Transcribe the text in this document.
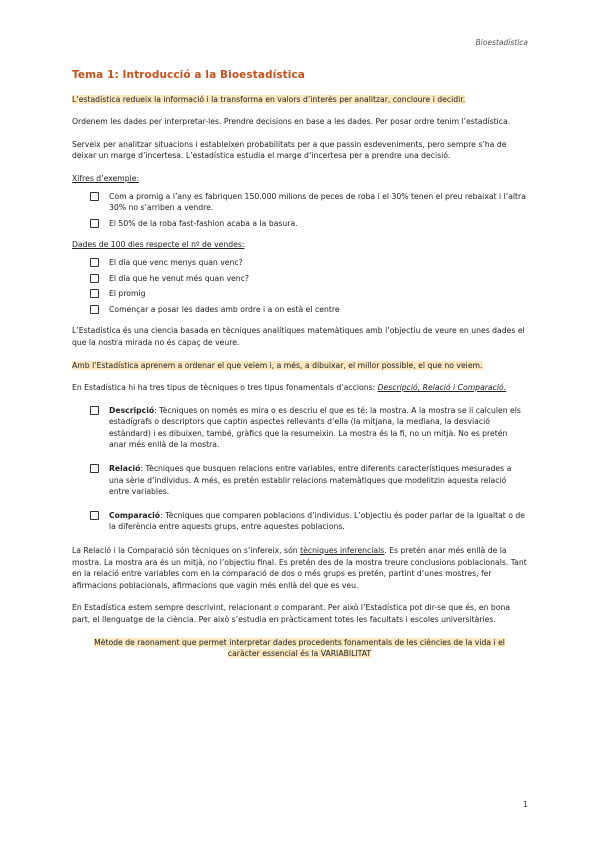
Bioestadística
Tema 1: Introducció a la Bioestadística

L’estadística redueix la informació i la transforma en valors d’interès per analitzar, concloure i decidir.

Ordenem les dades per interpretar-les. Prendre decisions en base a les dades. Per posar ordre tenim l’estadística.

Serveix per analitzar situacions i estableixen probabilitats per a que passin esdeveniments, pero sempre s’ha de deixar un marge d’incertesa. L’estadística estudia el marge d’incertesa per a prendre una decisió.

Xifres d’exemple:

Com a promig a l’any es fabriquen 150.000 milions de peces de roba i el 30% tenen el preu rebaixat i l’altra 30% no s’arriben a vendre.
El 50% de la roba fast-fashion acaba a la basura.

Dades de 100 dies respecte el nº de vendes:

El dia que venc menys quan venc?
El dia que he venut més quan venc?
El promig
Començar a posar les dades amb ordre i a on està el centre

L’Estadística és una ciencia basada en tècniques analítiques matemàtiques amb l’objectiu de veure en unes dades el que la nostra mirada no és capaç de veure.

Amb l’Estadística aprenem a ordenar el que veiem i, a més, a dibuixar, el millor possible, el que no veiem.

En Estadística hi ha tres tipus de tècniques o tres tipus fonamentals d’accions: Descripció, Relació i Comparació.

Descripció: Tècniques on només es mira o es descriu el que es té: la mostra. A la mostra se li calculen els estadígrafs o descriptors que captin aspectes rellevants d’ella (la mitjana, la mediana, la desviació estàndard) i es dibuixen, també, gràfics que la resumeixin. La mostra és la fi, no un mitjà. No es pretén anar més enllà de la mostra.
Relació: Tècniques que busquen relacions entre variables, entre diferents característiques mesurades a una sèrie d’individus. A més, es pretén establir relacions matemàtiques que modelitzin aquesta relació entre variables.
Comparació: Tècniques que comparen poblacions d’individus. L’objectiu és poder parlar de la igualtat o de la diferència entre aquests grups, entre aquestes poblacions.

La Relació i la Comparació són tècniques on s’infereix, són tècniques inferencials. Es pretén anar més enllà de la mostra. La mostra ara és un mitjà, no l’objectiu final. Es pretén des de la mostra treure conclusions poblacionals. Tant en la relació entre variables com en la comparació de dos o més grups es pretén, partint d’unes mostres, fer afirmacions poblacionals, afirmacions que vagin més enllà del que es veu.

En Estadística estem sempre descrivint, relacionant o comparant. Per això l’Estadística pot dir-se que és, en bona part, el llenguatge de la ciència. Per això s’estudia en pràcticament totes les facultats i escoles universitàries.

Mètode de raonament que permet interpretar dades procedents fonamentals de les ciències de la vida i el caràcter essencial és la VARIABILITAT

1
